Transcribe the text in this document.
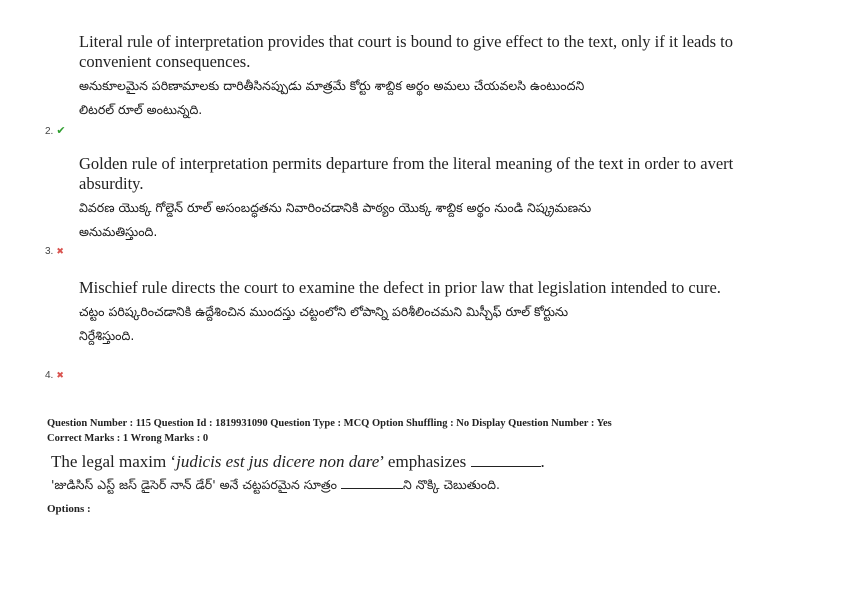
Literal rule of interpretation provides that court is bound to give effect to the text, only if it leads to convenient consequences.

అనుకూలమైన పరిణామాలకు దారితీసినప్పుడు మాత్రమే కోర్టు శాబ్దిక అర్థం అమలు చేయవలసి ఉంటుందని

లిటరల్ రూల్ అంటున్నది.

2. ✔

Golden rule of interpretation permits departure from the literal meaning of the text in order to avert absurdity.

వివరణ యొక్క గోల్డెన్ రూల్ అసంబద్ధతను నివారించడానికి పాఠ్యం యొక్క శాబ్దిక అర్థం నుండి నిష్క్రమణను

అనుమతిస్తుంది.

3. ✖

Mischief rule directs the court to examine the defect in prior law that legislation intended to cure.

చట్టం పరిష్కరించడానికి ఉద్దేశించిన ముందస్తు చట్టంలోని లోపాన్ని పరిశీలించమని మిస్చీఫ్ రూల్ కోర్టును

నిర్దేశిస్తుంది.

4. ✖
Question Number : 115 Question Id : 1819931090 Question Type : MCQ Option Shuffling : No Display Question Number : Yes
Correct Marks : 1 Wrong Marks : 0

The legal maxim ‘judicis est jus dicere non dare’ emphasizes	.

'జుడిసిస్ ఎస్ట్ జస్ డైసెర్ నాన్ డేర్' అనే చట్టపరమైన సూత్రం	ని నొక్కి చెబుతుంది.

Options :
